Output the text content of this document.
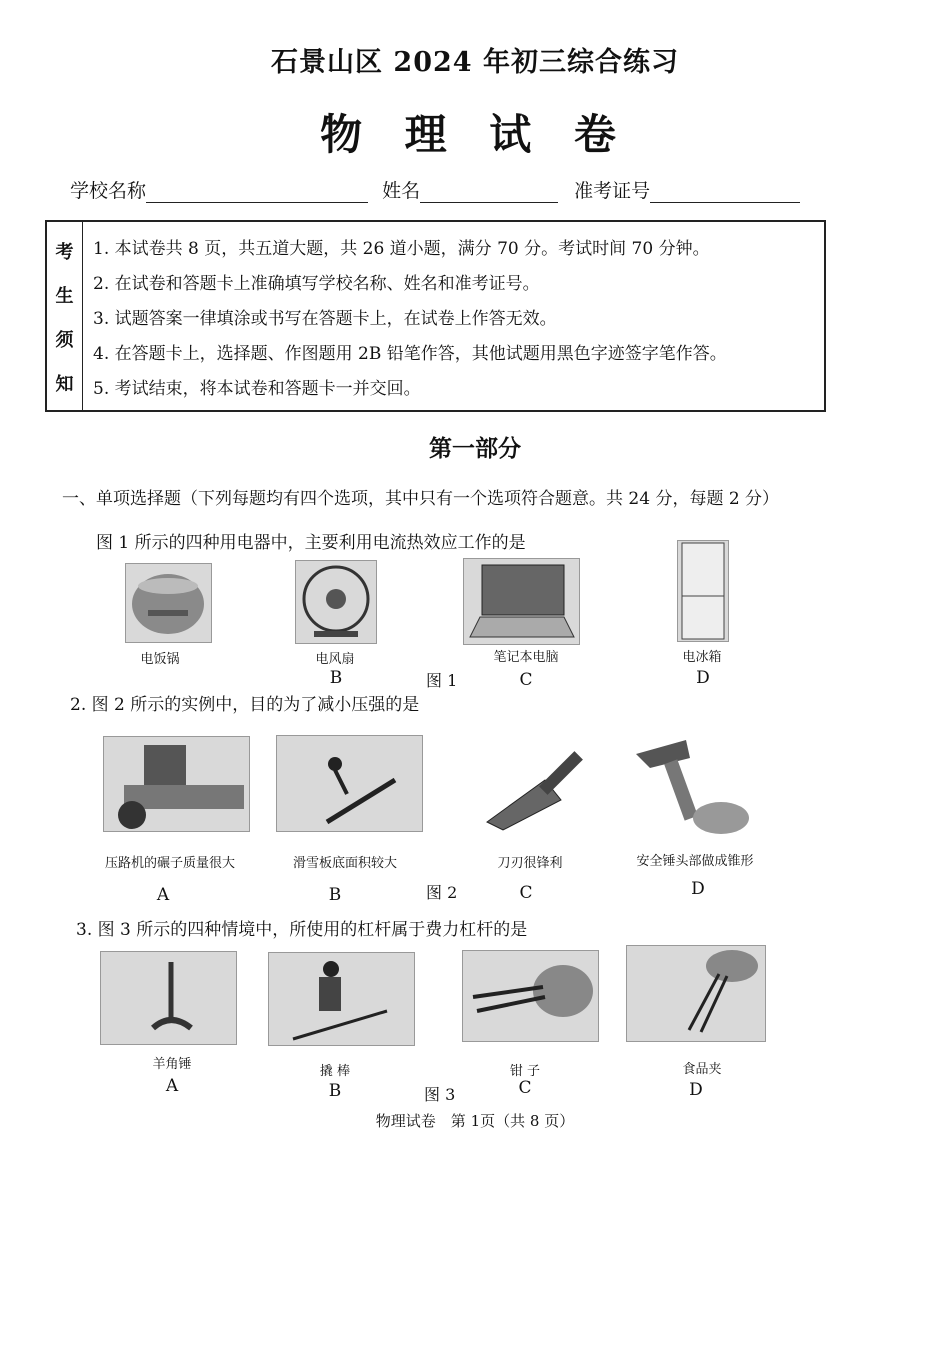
石景山区 2024 年初三综合练习
物 理 试 卷
学校名称	姓名	准考证号
考
生
须
知
1. 本试卷共 8 页，共五道大题，共 26 道小题，满分 70 分。考试时间 70 分钟。
2. 在试卷和答题卡上准确填写学校名称、姓名和准考证号。
3. 试题答案一律填涂或书写在答题卡上，在试卷上作答无效。
4. 在答题卡上，选择题、作图题用 2B 铅笔作答，其他试题用黑色字迹签字笔作答。
5. 考试结束，将本试卷和答题卡一并交回。
第一部分
一、单项选择题（下列每题均有四个选项，其中只有一个选项符合题意。共 24 分，每题 2 分）
图 1 所示的四种用电器中，主要利用电流热效应工作的是
电饭锅	电风扇	笔记本电脑	电冰箱
B	图 1	C	D
2. 图 2 所示的实例中，目的为了减小压强的是
压路机的碾子质量很大	滑雪板底面积较大	刀刃很锋利	安全锤头部做成锥形
A	B	图 2	C	D
3. 图 3 所示的四种情境中，所使用的杠杆属于费力杠杆的是
羊角锤	撬 棒	钳 子	食品夹
A	B	图 3	C	D
物理试卷　第 1页（共 8 页）
